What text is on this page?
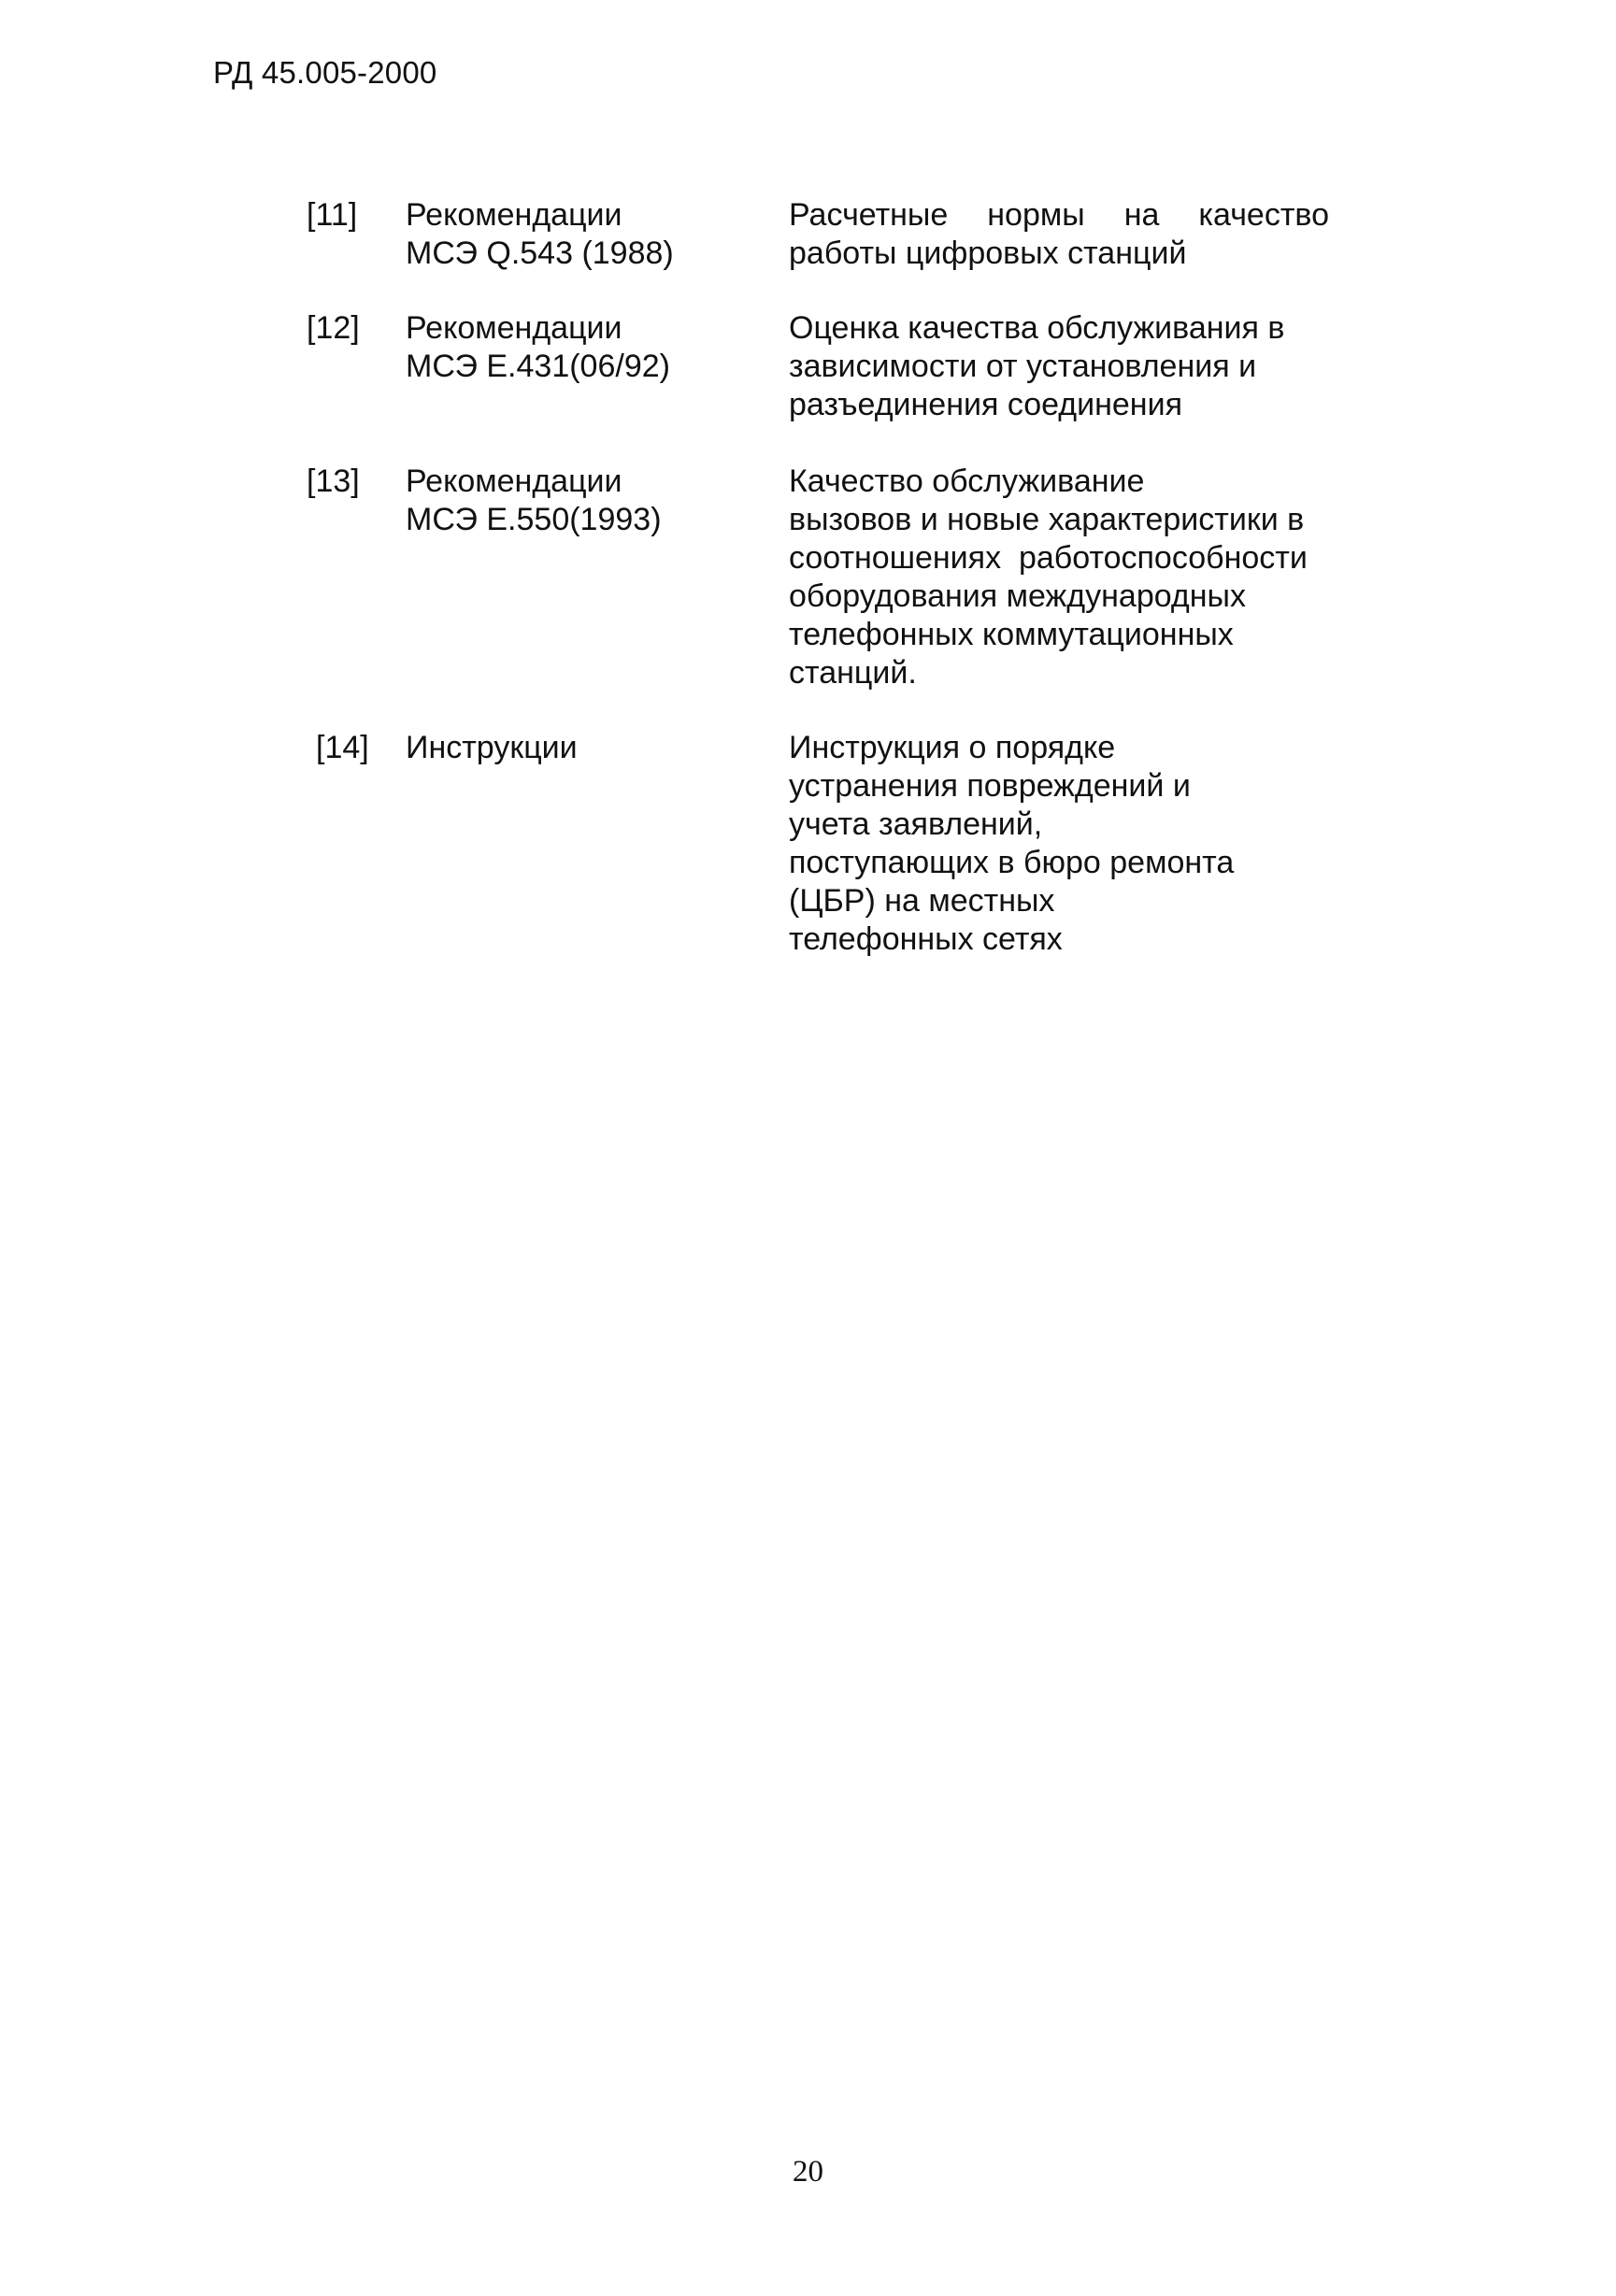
РД 45.005-2000
[11] Рекомендации
МСЭ Q.543 (1988)
Расчетные нормы на качество
работы цифровых станций
[12] Рекомендации
МСЭ Е.431(06/92)
Оценка качества обслуживания в
зависимости от установления и
разъединения соединения
[13] Рекомендации
МСЭ Е.550(1993)
Качество обслуживание
вызовов и новые характеристики в
соотношениях  работоспособности
оборудования международных
телефонных коммутационных
станций.
[14] Инструкции	Инструкция о порядке
устранения повреждений и
учета заявлений,
поступающих в бюро ремонта
(ЦБР) на местных
телефонных сетях
20
